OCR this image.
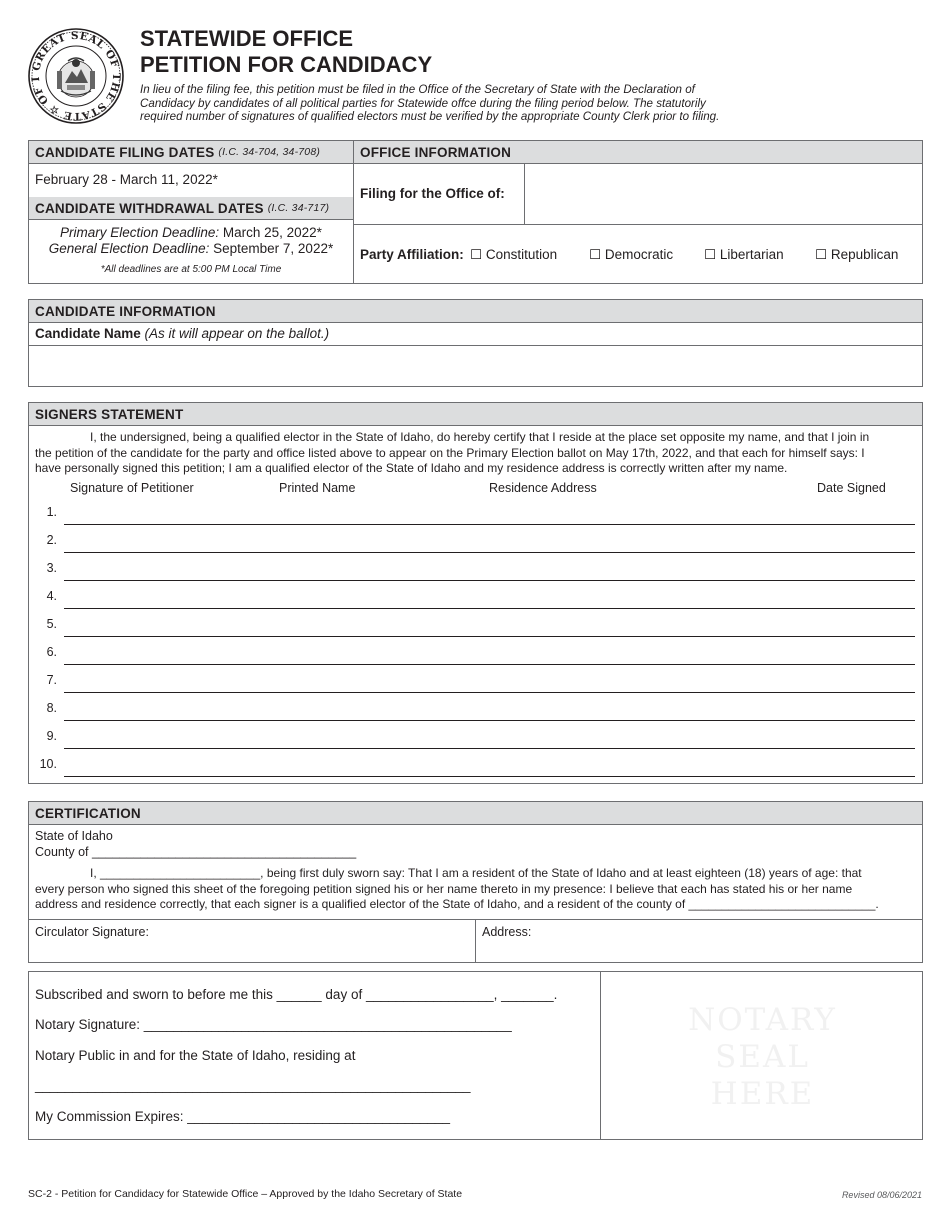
GREAT SEAL OF THE STATE ☆ OF I
STATEWIDE OFFICE
PETITION FOR CANDIDACY
In lieu of the filing fee, this petition must be filed in the Office of the Secretary of State with the Declaration of
Candidacy by candidates of all political parties for Statewide offce during the filing period below. The statutorily
required number of signatures of qualified electors must be verified by the appropriate County Clerk prior to filing.
CANDIDATE FILING DATES (I.C. 34-704, 34-708)
February 28 - March 11, 2022*
CANDIDATE WITHDRAWAL DATES (I.C. 34-717)
Primary Election Deadline: March 25, 2022*
General Election Deadline: September 7, 2022*
*All deadlines are at 5:00 PM Local Time
OFFICE INFORMATION
Filing for the Office of:
Party Affiliation: ☐ Constitution ☐ Democratic ☐ Libertarian ☐ Republican
CANDIDATE INFORMATION
Candidate Name (As it will appear on the ballot.)
SIGNERS STATEMENT
I, the undersigned, being a qualified elector in the State of Idaho, do hereby certify that I reside at the place set opposite my name, and that I join in
the petition of the candidate for the party and office listed above to appear on the Primary Election ballot on May 17th, 2022, and that each for himself says: I
have personally signed this petition; I am a qualified elector of the State of Idaho and my residence address is correctly written after my name.
Signature of Petitioner	Printed Name	Residence Address	Date Signed
1.
2.
3.
4.
5.
6.
7.
8.
9.
10.
CERTIFICATION
State of Idaho
County of ______________________________________
I, ________________________, being first duly sworn say: That I am a resident of the State of Idaho and at least eighteen (18) years of age: that
every person who signed this sheet of the foregoing petition signed his or her name thereto in my presence: I believe that each has stated his or her name
address and residence correctly, that each signer is a qualified elector of the State of Idaho, and a resident of the county of ____________________________.
Circulator Signature:	Address:
Subscribed and sworn to before me this ______ day of _________________, _______.
Notary Signature: _________________________________________________
Notary Public in and for the State of Idaho, residing at
__________________________________________________________
My Commission Expires: ___________________________________
NOTARY
SEAL
HERE
SC-2 - Petition for Candidacy for Statewide Office – Approved by the Idaho Secretary of State	Revised 08/06/2021
